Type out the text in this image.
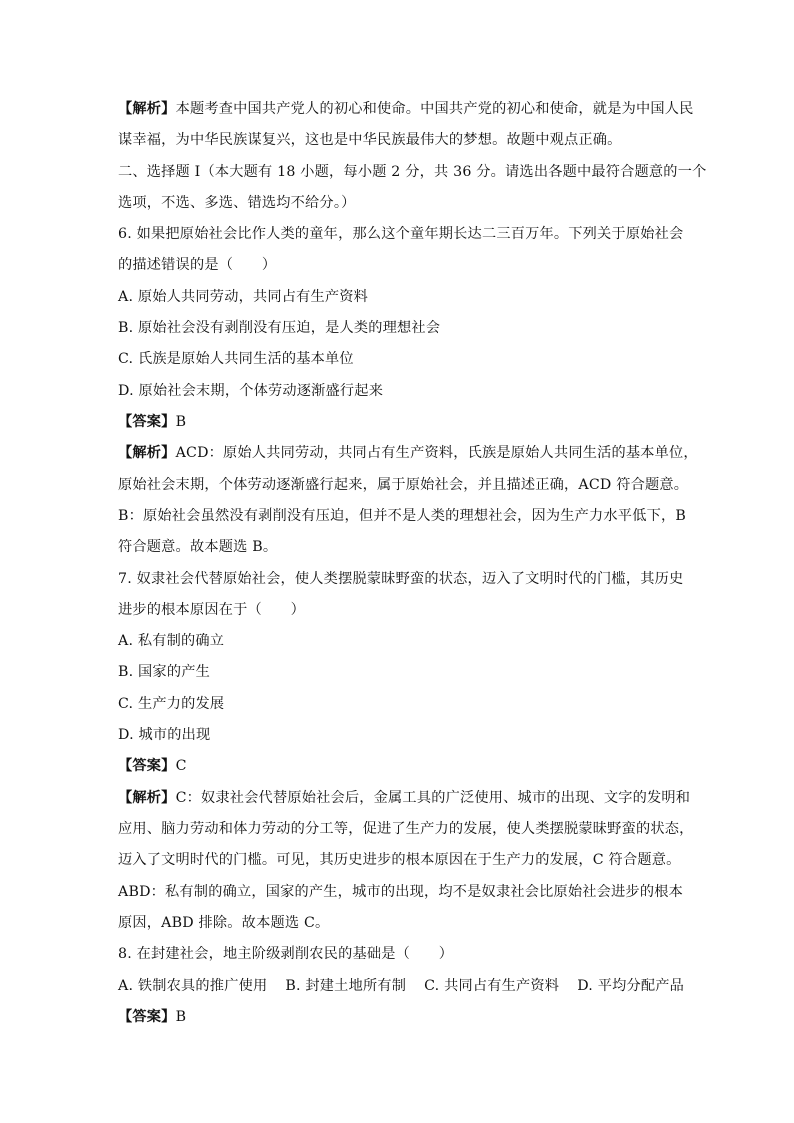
【解析】本题考查中国共产党人的初心和使命。中国共产党的初心和使命，就是为中国人民
谋幸福，为中华民族谋复兴，这也是中华民族最伟大的梦想。故题中观点正确。
二、选择题 I（本大题有 18 小题，每小题 2 分，共 36 分。请选出各题中最符合题意的一个
选项，不选、多选、错选均不给分。）
6. 如果把原始社会比作人类的童年，那么这个童年期长达二三百万年。下列关于原始社会
的描述错误的是（　　）
A. 原始人共同劳动，共同占有生产资料
B. 原始社会没有剥削没有压迫，是人类的理想社会
C. 氏族是原始人共同生活的基本单位
D. 原始社会末期，个体劳动逐渐盛行起来
【答案】B
【解析】ACD：原始人共同劳动，共同占有生产资料，氏族是原始人共同生活的基本单位，
原始社会末期，个体劳动逐渐盛行起来，属于原始社会，并且描述正确，ACD 符合题意。
B：原始社会虽然没有剥削没有压迫，但并不是人类的理想社会，因为生产力水平低下，B
符合题意。故本题选 B。
7. 奴隶社会代替原始社会，使人类摆脱蒙昧野蛮的状态，迈入了文明时代的门槛，其历史
进步的根本原因在于（　　）
A. 私有制的确立
B. 国家的产生
C. 生产力的发展
D. 城市的出现
【答案】C
【解析】C：奴隶社会代替原始社会后，金属工具的广泛使用、城市的出现、文字的发明和
应用、脑力劳动和体力劳动的分工等，促进了生产力的发展，使人类摆脱蒙昧野蛮的状态，
迈入了文明时代的门槛。可见，其历史进步的根本原因在于生产力的发展，C 符合题意。
ABD：私有制的确立，国家的产生，城市的出现，均不是奴隶社会比原始社会进步的根本
原因，ABD 排除。故本题选 C。
8. 在封建社会，地主阶级剥削农民的基础是（　　）
A. 铁制农具的推广使用 B. 封建土地所有制 C. 共同占有生产资料 D. 平均分配产品
【答案】B
